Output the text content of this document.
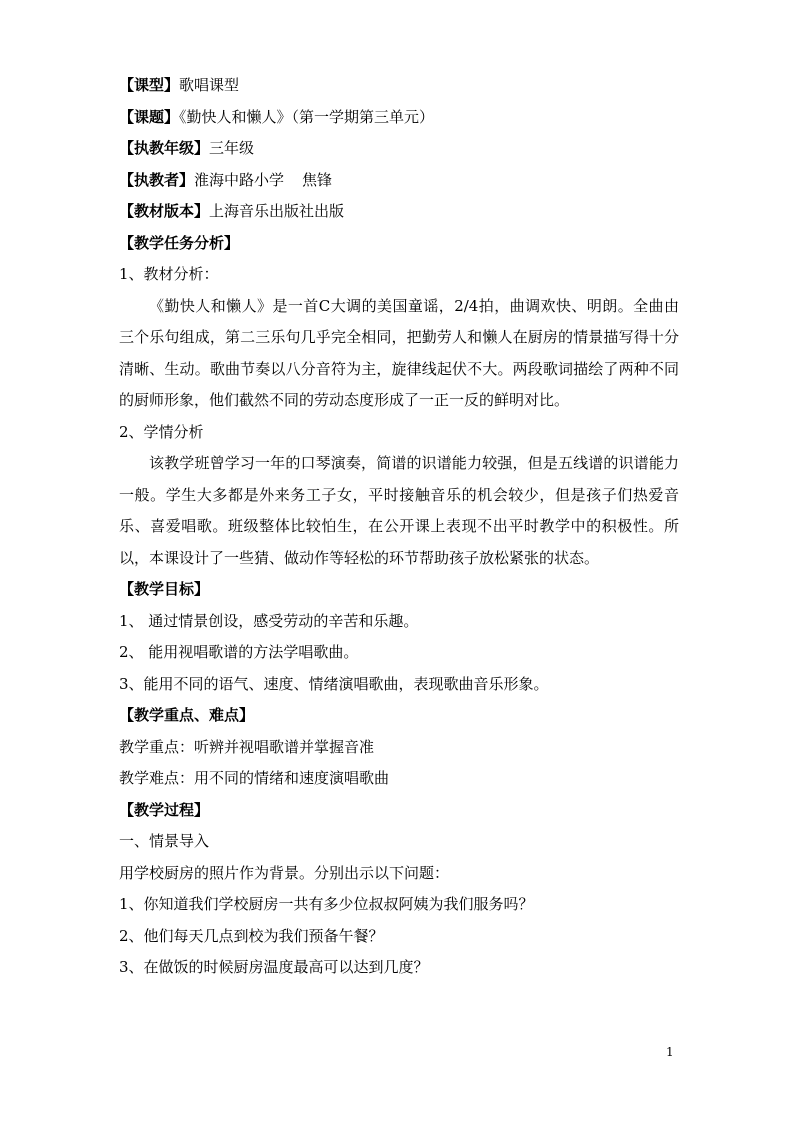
【课型】歌唱课型
【课题】《勤快人和懒人》（第一学期第三单元）
【执教年级】三年级
【执教者】淮海中路小学 焦锋
【教材版本】上海音乐出版社出版
【教学任务分析】
1、教材分析：
《勤快人和懒人》是一首C大调的美国童谣，2/4拍，曲调欢快、明朗。全曲由三个乐句组成，第二三乐句几乎完全相同，把勤劳人和懒人在厨房的情景描写得十分清晰、生动。歌曲节奏以八分音符为主，旋律线起伏不大。两段歌词描绘了两种不同的厨师形象，他们截然不同的劳动态度形成了一正一反的鲜明对比。
2、学情分析
该教学班曾学习一年的口琴演奏，简谱的识谱能力较强，但是五线谱的识谱能力一般。学生大多都是外来务工子女，平时接触音乐的机会较少，但是孩子们热爱音乐、喜爱唱歌。班级整体比较怕生，在公开课上表现不出平时教学中的积极性。所以，本课设计了一些猜、做动作等轻松的环节帮助孩子放松紧张的状态。
【教学目标】
1、 通过情景创设，感受劳动的辛苦和乐趣。
2、 能用视唱歌谱的方法学唱歌曲。
3、能用不同的语气、速度、情绪演唱歌曲，表现歌曲音乐形象。
【教学重点、难点】
教学重点：听辨并视唱歌谱并掌握音准
教学难点：用不同的情绪和速度演唱歌曲
【教学过程】
一、情景导入
用学校厨房的照片作为背景。分别出示以下问题：
1、你知道我们学校厨房一共有多少位叔叔阿姨为我们服务吗？
2、他们每天几点到校为我们预备午餐？
3、在做饭的时候厨房温度最高可以达到几度？
1
